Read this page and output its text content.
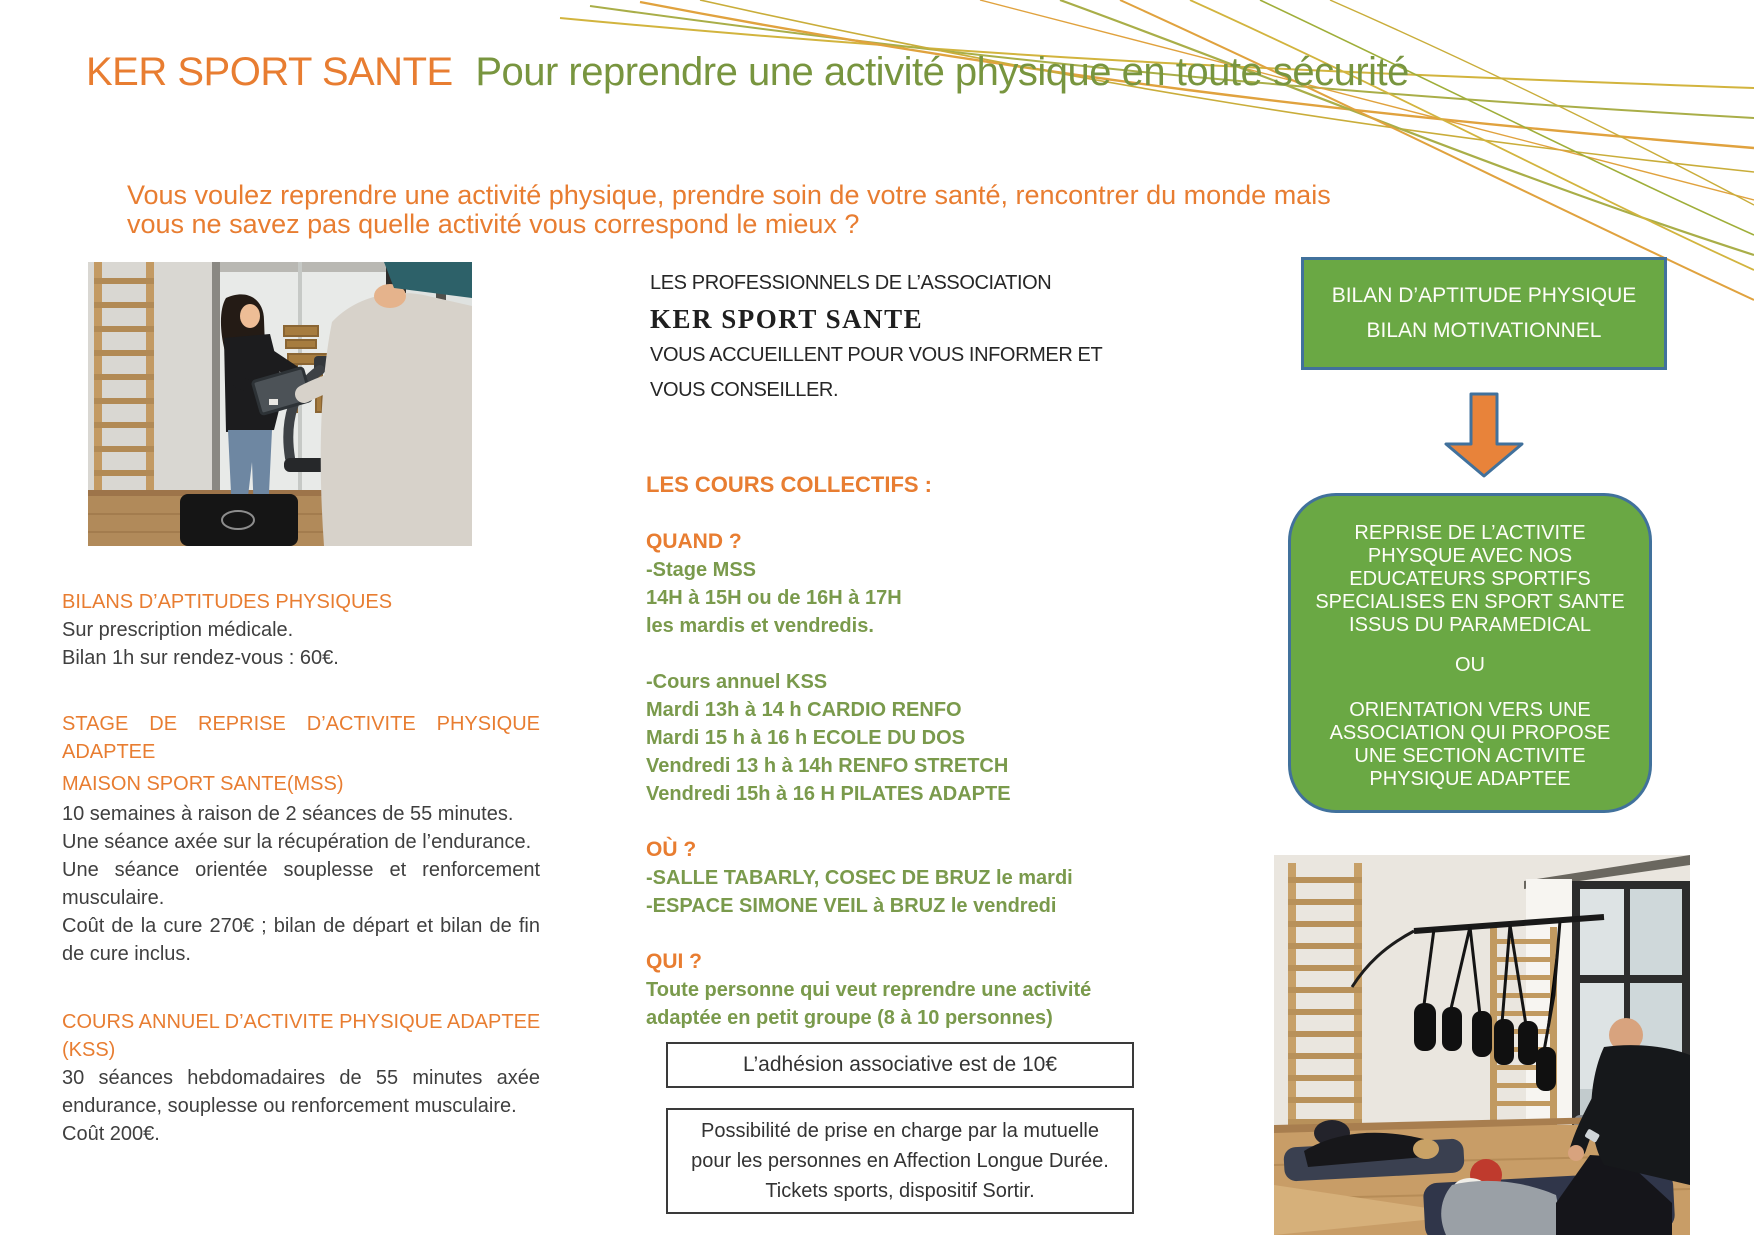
KER SPORT SANTE Pour reprendre une activité physique en toute sécurité
Vous voulez reprendre une activité physique, prendre soin de votre santé, rencontrer du monde mais
vous ne savez pas quelle activité vous correspond le mieux ?
LES PROFESSIONNELS DE L’ASSOCIATION
KER SPORT SANTE
VOUS ACCUEILLENT POUR VOUS INFORMER ET
VOUS CONSEILLER.
BILAN D’APTITUDE PHYSIQUE
BILAN MOTIVATIONNEL
REPRISE DE L’ACTIVITE
PHYSQUE AVEC NOS
EDUCATEURS SPORTIFS
SPECIALISES EN SPORT SANTE
ISSUS DU PARAMEDICAL
OU
ORIENTATION VERS UNE
ASSOCIATION QUI PROPOSE
UNE SECTION ACTIVITE
PHYSIQUE ADAPTEE
BILANS D’APTITUDES PHYSIQUES
Sur prescription médicale.
Bilan 1h sur rendez-vous : 60€.
STAGE DE REPRISE D’ACTIVITE PHYSIQUE
ADAPTEE
MAISON SPORT SANTE(MSS)
10 semaines à raison de 2 séances de 55 minutes.
Une séance axée sur la récupération de l’endurance.
Une séance orientée souplesse et renforcement
musculaire.
Coût de la cure 270€ ; bilan de départ et bilan de fin
de cure inclus.
COURS ANNUEL D’ACTIVITE PHYSIQUE ADAPTEE
(KSS)
30 séances hebdomadaires de 55 minutes axée
endurance, souplesse ou renforcement musculaire.
Coût 200€.
LES COURS COLLECTIFS :
QUAND ?
-Stage MSS
14H à 15H ou de 16H à 17H
les mardis et vendredis.
-Cours annuel KSS
Mardi 13h à 14 h CARDIO RENFO
Mardi 15 h à 16 h ECOLE DU DOS
Vendredi 13 h à 14h RENFO STRETCH
Vendredi 15h à 16 H PILATES ADAPTE
OÙ ?
-SALLE TABARLY, COSEC DE BRUZ le mardi
-ESPACE SIMONE VEIL à BRUZ le vendredi
QUI ?
Toute personne qui veut reprendre une activité
adaptée en petit groupe (8 à 10 personnes)
L’adhésion associative est de 10€
Possibilité de prise en charge par la mutuelle
pour les personnes en Affection Longue Durée.
Tickets sports, dispositif Sortir.
